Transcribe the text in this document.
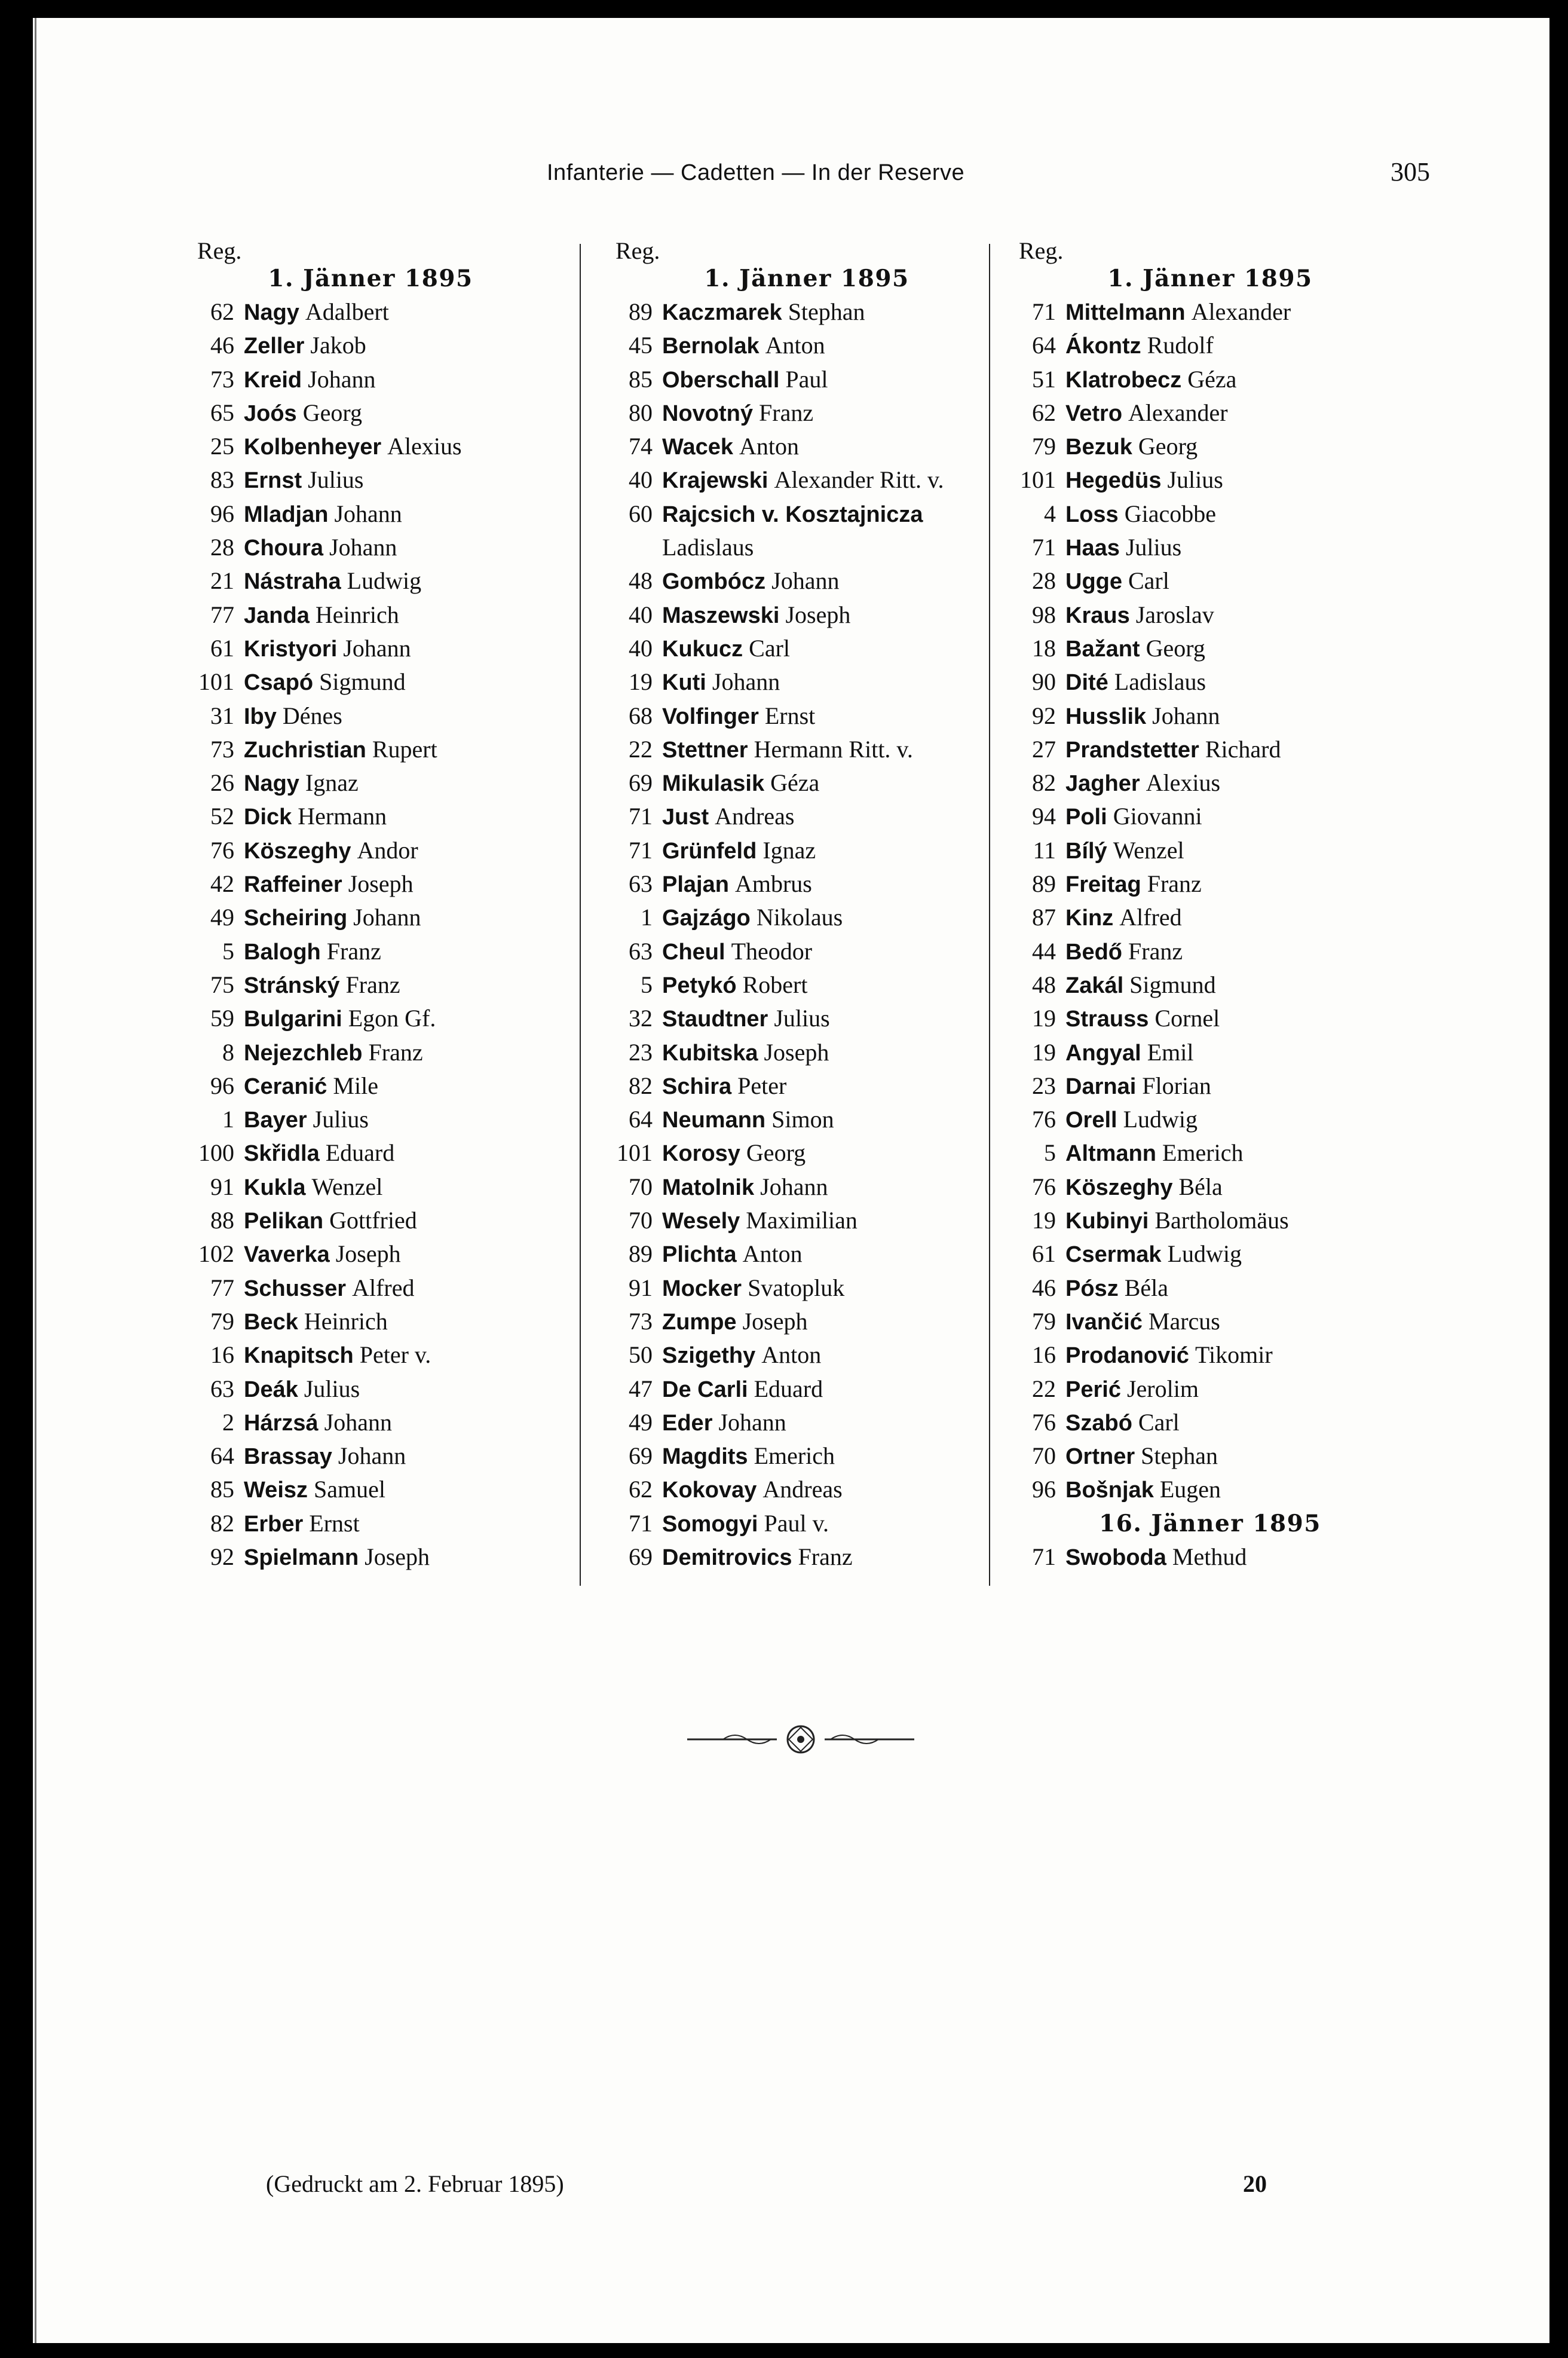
Infanterie — Cadetten — In der Reserve	305
Reg.
1. Jänner 1895
62 Nagy Adalbert
46 Zeller Jakob
73 Kreid Johann
65 Joós Georg
25 Kolbenheyer Alexius
83 Ernst Julius
96 Mladjan Johann
28 Choura Johann
21 Nástraha Ludwig
77 Janda Heinrich
61 Kristyori Johann
101 Csapó Sigmund
31 Iby Dénes
73 Zuchristian Rupert
26 Nagy Ignaz
52 Dick Hermann
76 Köszeghy Andor
42 Raffeiner Joseph
49 Scheiring Johann
5 Balogh Franz
75 Stránský Franz
59 Bulgarini Egon Gf.
8 Nejezchleb Franz
96 Ceranić Mile
1 Bayer Julius
100 Skřidla Eduard
91 Kukla Wenzel
88 Pelikan Gottfried
102 Vaverka Joseph
77 Schusser Alfred
79 Beck Heinrich
16 Knapitsch Peter v.
63 Deák Julius
2 Hárzsá Johann
64 Brassay Johann
85 Weisz Samuel
82 Erber Ernst
92 Spielmann Joseph
Reg.
1. Jänner 1895
89 Kaczmarek Stephan
45 Bernolak Anton
85 Oberschall Paul
80 Novotný Franz
74 Wacek Anton
40 Krajewski Alexander Ritt. v.
60 Rajcsich v. Kosztajnicza
Ladislaus
48 Gombócz Johann
40 Maszewski Joseph
40 Kukucz Carl
19 Kuti Johann
68 Volfinger Ernst
22 Stettner Hermann Ritt. v.
69 Mikulasik Géza
71 Just Andreas
71 Grünfeld Ignaz
63 Plajan Ambrus
1 Gajzágo Nikolaus
63 Cheul Theodor
5 Petykó Robert
32 Staudtner Julius
23 Kubitska Joseph
82 Schira Peter
64 Neumann Simon
101 Korosy Georg
70 Matolnik Johann
70 Wesely Maximilian
89 Plichta Anton
91 Mocker Svatopluk
73 Zumpe Joseph
50 Szigethy Anton
47 De Carli Eduard
49 Eder Johann
69 Magdits Emerich
62 Kokovay Andreas
71 Somogyi Paul v.
69 Demitrovics Franz
Reg.
1. Jänner 1895
71 Mittelmann Alexander
64 Ákontz Rudolf
51 Klatrobecz Géza
62 Vetro Alexander
79 Bezuk Georg
101 Hegedüs Julius
4 Loss Giacobbe
71 Haas Julius
28 Ugge Carl
98 Kraus Jaroslav
18 Bažant Georg
90 Dité Ladislaus
92 Husslik Johann
27 Prandstetter Richard
82 Jagher Alexius
94 Poli Giovanni
11 Bílý Wenzel
89 Freitag Franz
87 Kinz Alfred
44 Bedő Franz
48 Zakál Sigmund
19 Strauss Cornel
19 Angyal Emil
23 Darnai Florian
76 Orell Ludwig
5 Altmann Emerich
76 Köszeghy Béla
19 Kubinyi Bartholomäus
61 Csermak Ludwig
46 Pósz Béla
79 Ivančić Marcus
16 Prodanović Tikomir
22 Perić Jerolim
76 Szabó Carl
70 Ortner Stephan
96 Bošnjak Eugen
16. Jänner 1895
71 Swoboda Methud
(Gedruckt am 2. Februar 1895)	20
